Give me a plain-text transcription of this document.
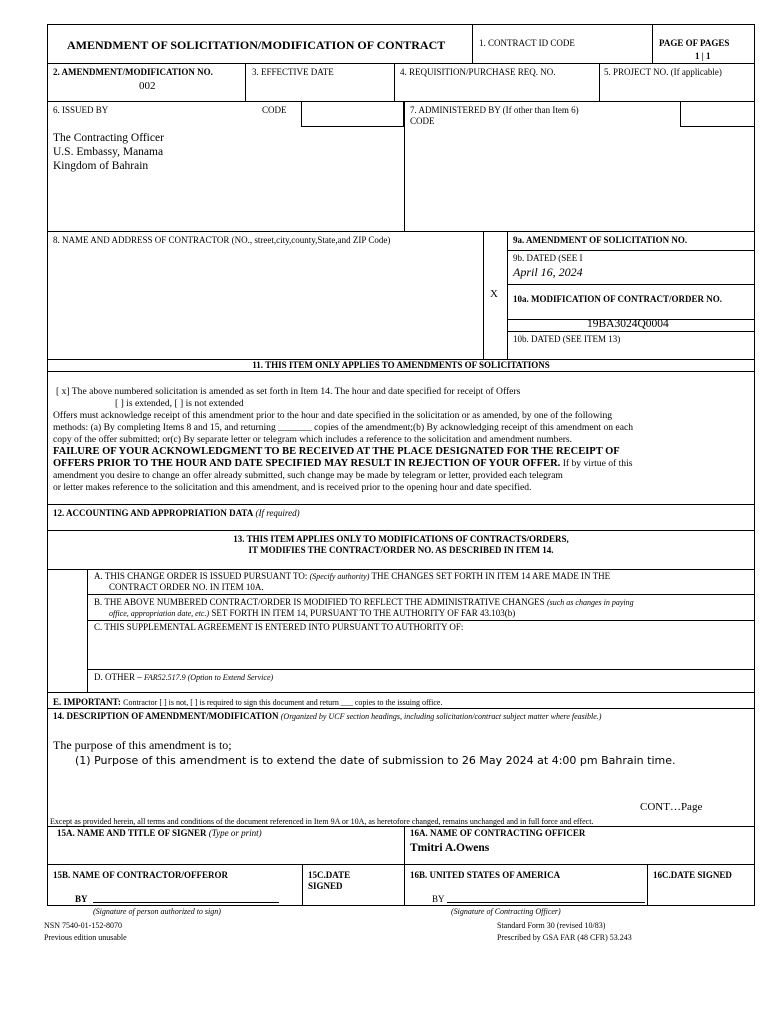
AMENDMENT OF SOLICITATION/MODIFICATION OF CONTRACT	1. CONTRACT ID CODE	PAGE OF PAGES
1 | 1
2. AMENDMENT/MODIFICATION NO.
002
3. EFFECTIVE DATE	4. REQUISITION/PURCHASE REQ. NO.	5. PROJECT NO. (If applicable)
6. ISSUED BY	CODE
The Contracting Officer
U.S. Embassy, Manama
Kingdom of Bahrain
7. ADMINISTERED BY (If other than Item 6)
CODE
8. NAME AND ADDRESS OF CONTRACTOR (NO., street,city,county,State,and ZIP Code)
X
9a. AMENDMENT OF SOLICITATION NO.
9b. DATED (SEE I
April 16, 2024
10a. MODIFICATION OF CONTRACT/ORDER NO.
19BA3024Q0004
10b. DATED (SEE ITEM 13)
11. THIS ITEM ONLY APPLIES TO AMENDMENTS OF SOLICITATIONS
[ x] The above numbered solicitation is amended as set forth in Item 14. The hour and date specified for receipt of Offers
[ ] is extended, [ ] is not extended
Offers must acknowledge receipt of this amendment prior to the hour and date specified in the solicitation or as amended, by one of the following
methods: (a) By completing Items 8 and 15, and returning _______ copies of the amendment;(b) By acknowledging receipt of this amendment on each
copy of the offer submitted; or(c) By separate letter or telegram which includes a reference to the solicitation and amendment numbers.
FAILURE OF YOUR ACKNOWLEDGMENT TO BE RECEIVED AT THE PLACE DESIGNATED FOR THE RECEIPT OF
OFFERS PRIOR TO THE HOUR AND DATE SPECIFIED MAY RESULT IN REJECTION OF YOUR OFFER. If by virtue of this
amendment you desire to change an offer already submitted, such change may be made by telegram or letter, provided each telegram
or letter makes reference to the solicitation and this amendment, and is received prior to the opening hour and date specified.
12. ACCOUNTING AND APPROPRIATION DATA (If required)
13. THIS ITEM APPLIES ONLY TO MODIFICATIONS OF CONTRACTS/ORDERS,
IT MODIFIES THE CONTRACT/ORDER NO. AS DESCRIBED IN ITEM 14.
A. THIS CHANGE ORDER IS ISSUED PURSUANT TO: (Specify authority) THE CHANGES SET FORTH IN ITEM 14 ARE MADE IN THE
CONTRACT ORDER NO. IN ITEM 10A.
B. THE ABOVE NUMBERED CONTRACT/ORDER IS MODIFIED TO REFLECT THE ADMINISTRATIVE CHANGES (such as changes in paying
office, appropriation date, etc.) SET FORTH IN ITEM 14, PURSUANT TO THE AUTHORITY OF FAR 43.103(b)
C. THIS SUPPLEMENTAL AGREEMENT IS ENTERED INTO PURSUANT TO AUTHORITY OF:
D. OTHER – FAR52.517.9 (Option to Extend Service)
E. IMPORTANT: Contractor [ ] is not, [ ] is required to sign this document and return ___ copies to the issuing office.
14. DESCRIPTION OF AMENDMENT/MODIFICATION (Organized by UCF section headings, including solicitation/contract subject matter where feasible.)
The purpose of this amendment is to;
(1) Purpose of this amendment is to extend the date of submission to 26 May 2024 at 4:00 pm Bahrain time.
CONT…Page
Except as provided herein, all terms and conditions of the document referenced in Item 9A or 10A, as heretofore changed, remains unchanged and in full force and effect.
15A. NAME AND TITLE OF SIGNER (Type or print)	16A. NAME OF CONTRACTING OFFICER
Tmitri A.Owens
15B. NAME OF CONTRACTOR/OFFEROR	15C.DATE
SIGNED
16B. UNITED STATES OF AMERICA	16C.DATE SIGNED
BY
(Signature of person authorized to sign)
BY
(Signature of Contracting Officer)
NSN 7540-01-152-8070
Previous edition unusable
Standard Form 30 (revised 10/83)
Prescribed by GSA FAR (48 CFR) 53.243
